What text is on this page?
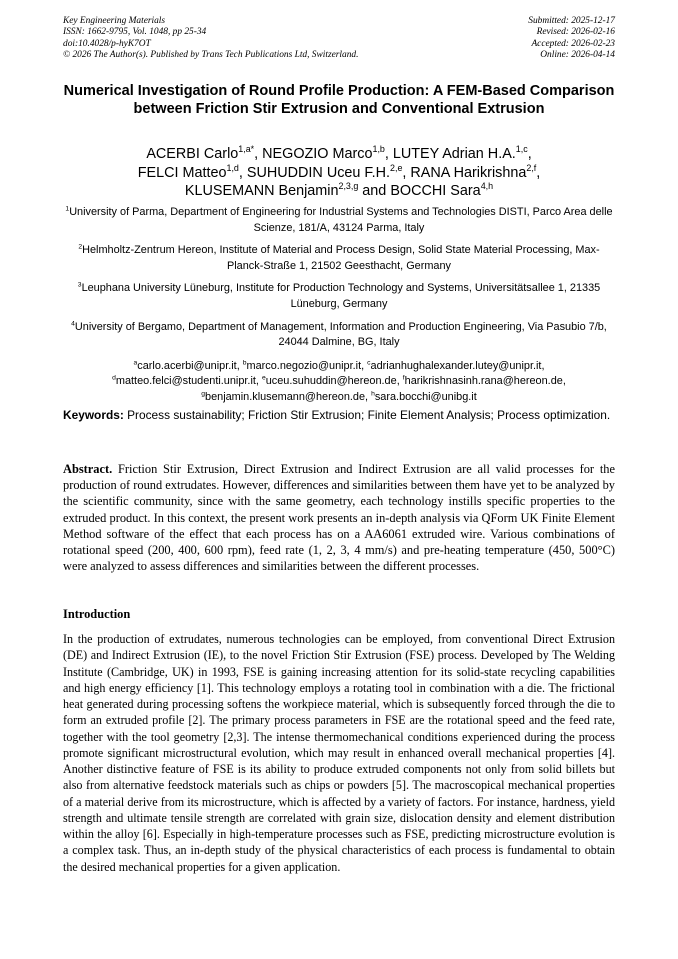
Key Engineering Materials
ISSN: 1662-9795, Vol. 1048, pp 25-34
doi:10.4028/p-hyK7OT
© 2026 The Author(s). Published by Trans Tech Publications Ltd, Switzerland.
Submitted: 2025-12-17
Revised: 2026-02-16
Accepted: 2026-02-23
Online: 2026-04-14
Numerical Investigation of Round Profile Production: A FEM-Based Comparison between Friction Stir Extrusion and Conventional Extrusion
ACERBI Carlo$^{1,a*}$, NEGOZIO Marco$^{1,b}$, LUTEY Adrian H.A.$^{1,c}$,
FELCI Matteo$^{1,d}$, SUHUDDIN Uceu F.H.$^{2,e}$, RANA Harikrishna$^{2,f}$,
KLUSEMANN Benjamin$^{2,3,g}$ and BOCCHI Sara$^{4,h}$
$^1$University of Parma, Department of Engineering for Industrial Systems and Technologies DISTI, Parco Area delle Scienze, 181/A, 43124 Parma, Italy
$^2$Helmholtz-Zentrum Hereon, Institute of Material and Process Design, Solid State Material Processing, Max-Planck-Straße 1, 21502 Geesthacht, Germany
$^3$Leuphana University Lüneburg, Institute for Production Technology and Systems, Universitätsallee 1, 21335 Lüneburg, Germany
$^4$University of Bergamo, Department of Management, Information and Production Engineering, Via Pasubio 7/b, 24044 Dalmine, BG, Italy
$^a$carlo.acerbi@unipr.it, $^b$marco.negozio@unipr.it, $^c$adrianhughalexander.lutey@unipr.it,
$^d$matteo.felci@studenti.unipr.it, $^e$uceu.suhuddin@hereon.de, $^f$harikrishnasinh.rana@hereon.de,
$^g$benjamin.klusemann@hereon.de, $^h$sara.bocchi@unibg.it
Keywords: Process sustainability; Friction Stir Extrusion; Finite Element Analysis; Process optimization.
Abstract. Friction Stir Extrusion, Direct Extrusion and Indirect Extrusion are all valid processes for the production of round extrudates. However, differences and similarities between them have yet to be analyzed by the scientific community, since with the same geometry, each technology instills specific properties to the extruded product. In this context, the present work presents an in-depth analysis via QForm UK Finite Element Method software of the effect that each process has on a AA6061 extruded wire. Various combinations of rotational speed (200, 400, 600 rpm), feed rate (1, 2, 3, 4 mm/s) and pre-heating temperature (450, 500°C) were analyzed to assess differences and similarities between the different processes.
Introduction
In the production of extrudates, numerous technologies can be employed, from conventional Direct Extrusion (DE) and Indirect Extrusion (IE), to the novel Friction Stir Extrusion (FSE) process. Developed by The Welding Institute (Cambridge, UK) in 1993, FSE is gaining increasing attention for its solid-state recycling capabilities and high energy efficiency [1]. This technology employs a rotating tool in combination with a die. The frictional heat generated during processing softens the workpiece material, which is subsequently forced through the die to form an extruded profile [2]. The primary process parameters in FSE are the rotational speed and the feed rate, together with the tool geometry [2,3]. The intense thermomechanical conditions experienced during the process promote significant microstructural evolution, which may result in enhanced overall mechanical properties [4]. Another distinctive feature of FSE is its ability to produce extruded components not only from solid billets but also from alternative feedstock materials such as chips or powders [5]. The macroscopical mechanical properties of a material derive from its microstructure, which is affected by a variety of factors. For instance, hardness, yield strength and ultimate tensile strength are correlated with grain size, dislocation density and element distribution within the alloy [6]. Especially in high-temperature processes such as FSE, predicting microstructure evolution is a complex task. Thus, an in-depth study of the physical characteristics of each process is fundamental to obtain the desired mechanical properties for a given application.
